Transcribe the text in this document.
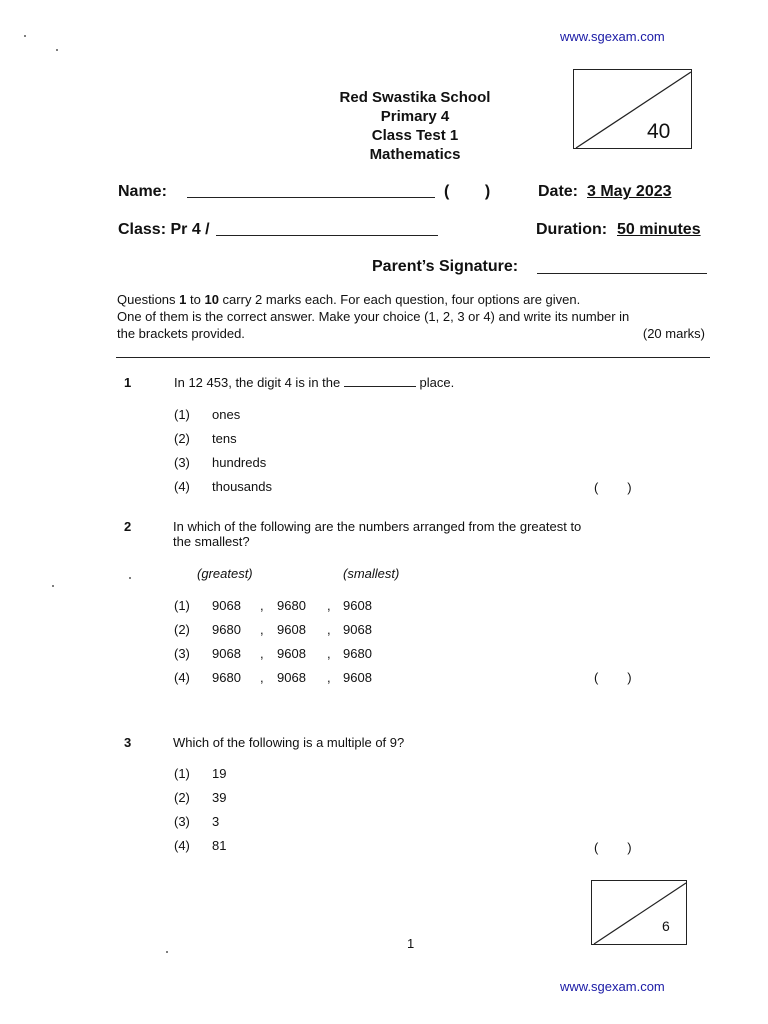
www.sgexam.com
Red Swastika School
Primary 4
Class Test 1
Mathematics
40
Name:	(        )	Date: 3 May 2023
Class: Pr 4 /	Duration: 50 minutes
Parent’s Signature:
Questions 1 to 10 carry 2 marks each. For each question, four options are given.
One of them is the correct answer. Make your choice (1, 2, 3 or 4) and write its number in
the brackets provided.	(20 marks)
1	In 12 453, the digit 4 is in the	place.
(1) ones
(2) tens
(3) hundreds
(4) thousands	(        )
2	In which of the following are the numbers arranged from the greatest to
the smallest?
(greatest)	(smallest)
(1) 9068 , 9680 , 9608
(2) 9680 , 9608 , 9068
(3) 9068 , 9608 , 9680
(4) 9680 , 9068 , 9608	(        )
3	Which of the following is a multiple of 9?
(1) 19
(2) 39
(3) 3
(4) 81	(        )
6
1
www.sgexam.com
